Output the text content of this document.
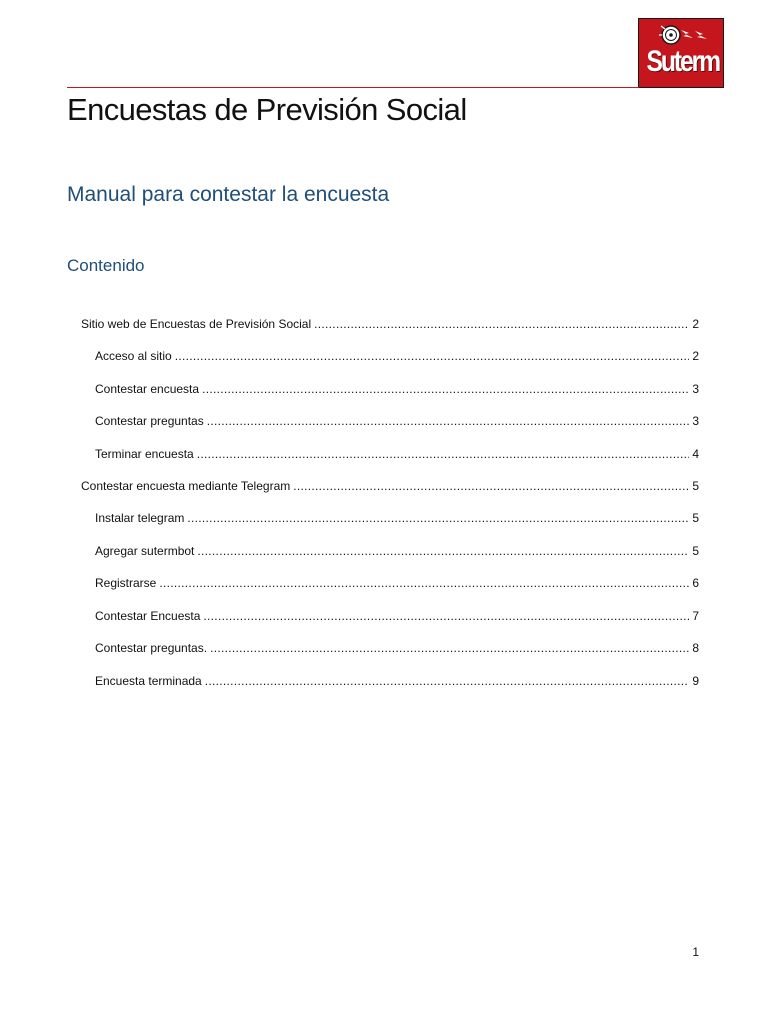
Suterm
Encuestas de Previsión Social
Manual para contestar la encuesta
Contenido
Sitio web de Encuestas de Previsión Social .....	2
Acceso al sitio .....	2
Contestar encuesta .....	3
Contestar preguntas .....	3
Terminar encuesta .....	4
Contestar encuesta mediante Telegram .....	5
Instalar telegram .....	5
Agregar sutermbot .....	5
Registrarse .....	6
Contestar Encuesta .....	7
Contestar preguntas. .....	8
Encuesta terminada .....	9
1
